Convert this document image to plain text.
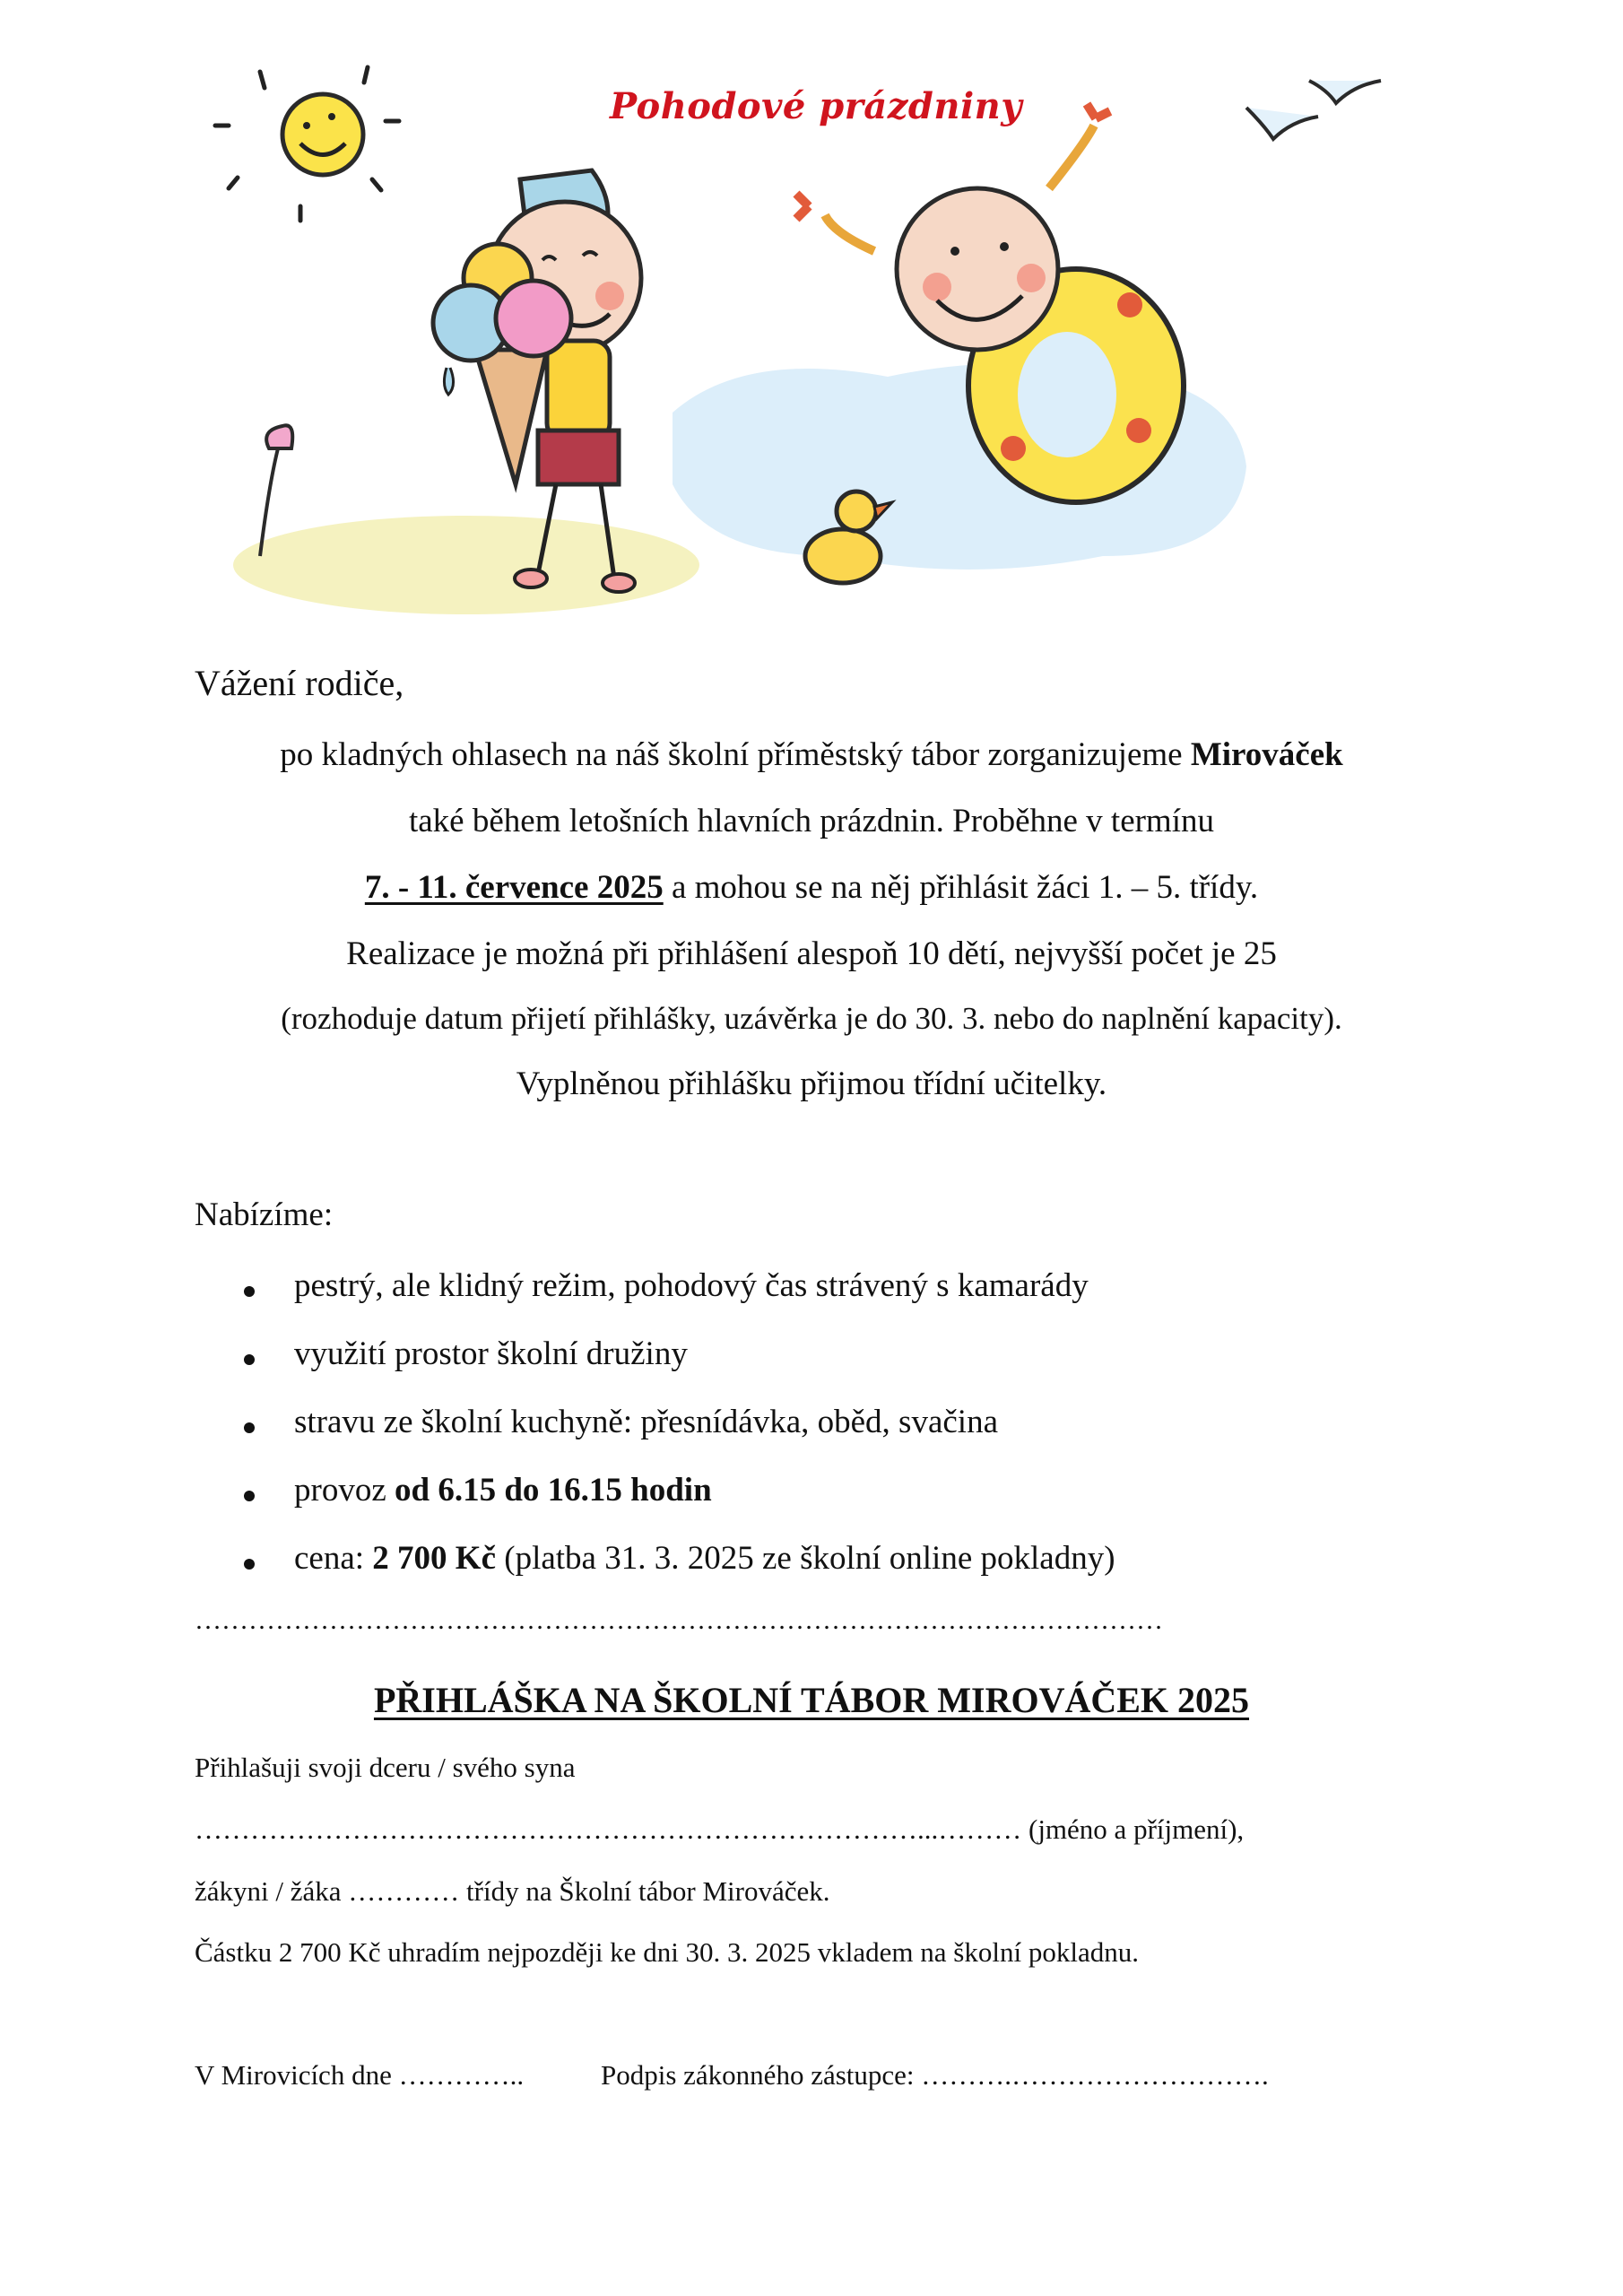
Pohodové prázdniny
Vážení rodiče,
po kladných ohlasech na náš školní příměstský tábor zorganizujeme Mirováček
také během letošních hlavních prázdnin. Proběhne v termínu
7. - 11. července 2025 a mohou se na něj přihlásit žáci 1. – 5. třídy.
Realizace je možná při přihlášení alespoň 10 dětí, nejvyšší počet je 25
(rozhoduje datum přijetí přihlášky, uzávěrka je do 30. 3. nebo do naplnění kapacity).
Vyplněnou přihlášku přijmou třídní učitelky.
Nabízíme:
pestrý, ale klidný režim, pohodový čas strávený s kamarády
využití prostor školní družiny
stravu ze školní kuchyně: přesnídávka, oběd, svačina
provoz od 6.15 do 16.15 hodin
cena: 2 700 Kč (platba 31. 3. 2025 ze školní online pokladny)
………………………………………………………………………………………………
PŘIHLÁŠKA NA ŠKOLNÍ TÁBOR MIROVÁČEK 2025
Přihlašuji svoji dceru / svého syna
……………………………………………………………………...……… (jméno a příjmení),
žákyni / žáka ………… třídy na Školní tábor Mirováček.
Částku 2 700 Kč uhradím nejpozději ke dni 30. 3. 2025 vkladem na školní pokladnu.
V Mirovicích dne …………..	Podpis zákonného zástupce: ……….……………………….
